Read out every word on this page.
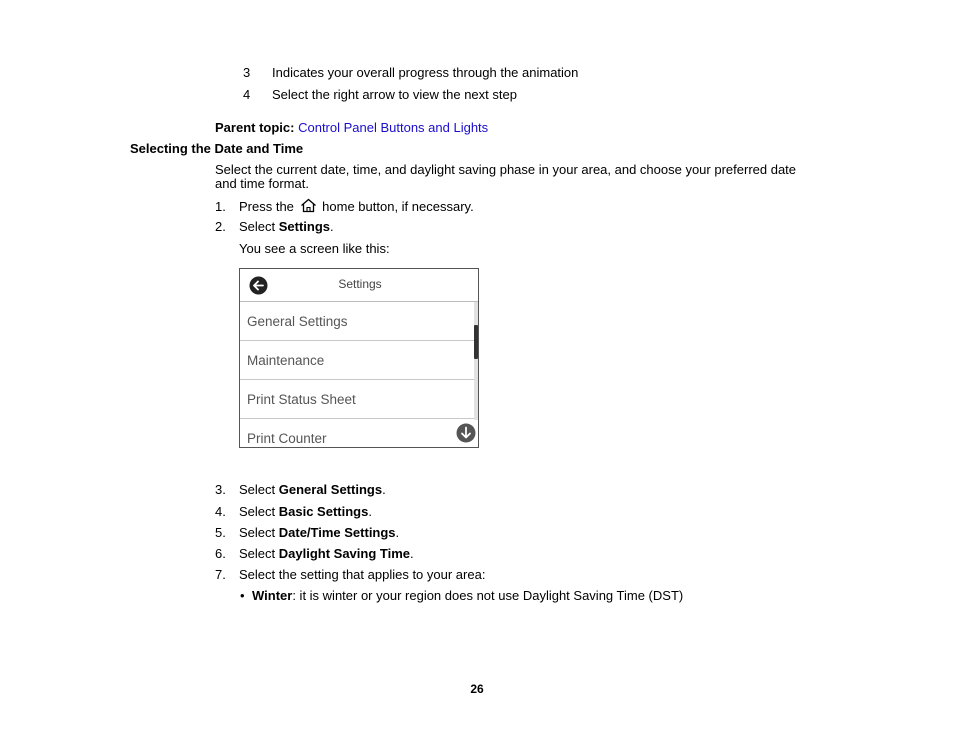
3 Indicates your overall progress through the animation
4 Select the right arrow to view the next step
Parent topic: Control Panel Buttons and Lights
Selecting the Date and Time
Select the current date, time, and daylight saving phase in your area, and choose your preferred date
and time format.
1. Press the home button, if necessary.
2. Select Settings.
You see a screen like this:
Settings
General Settings
Maintenance
Print Status Sheet
Print Counter
3. Select General Settings.
4. Select Basic Settings.
5. Select Date/Time Settings.
6. Select Daylight Saving Time.
7. Select the setting that applies to your area:
• Winter: it is winter or your region does not use Daylight Saving Time (DST)
26
